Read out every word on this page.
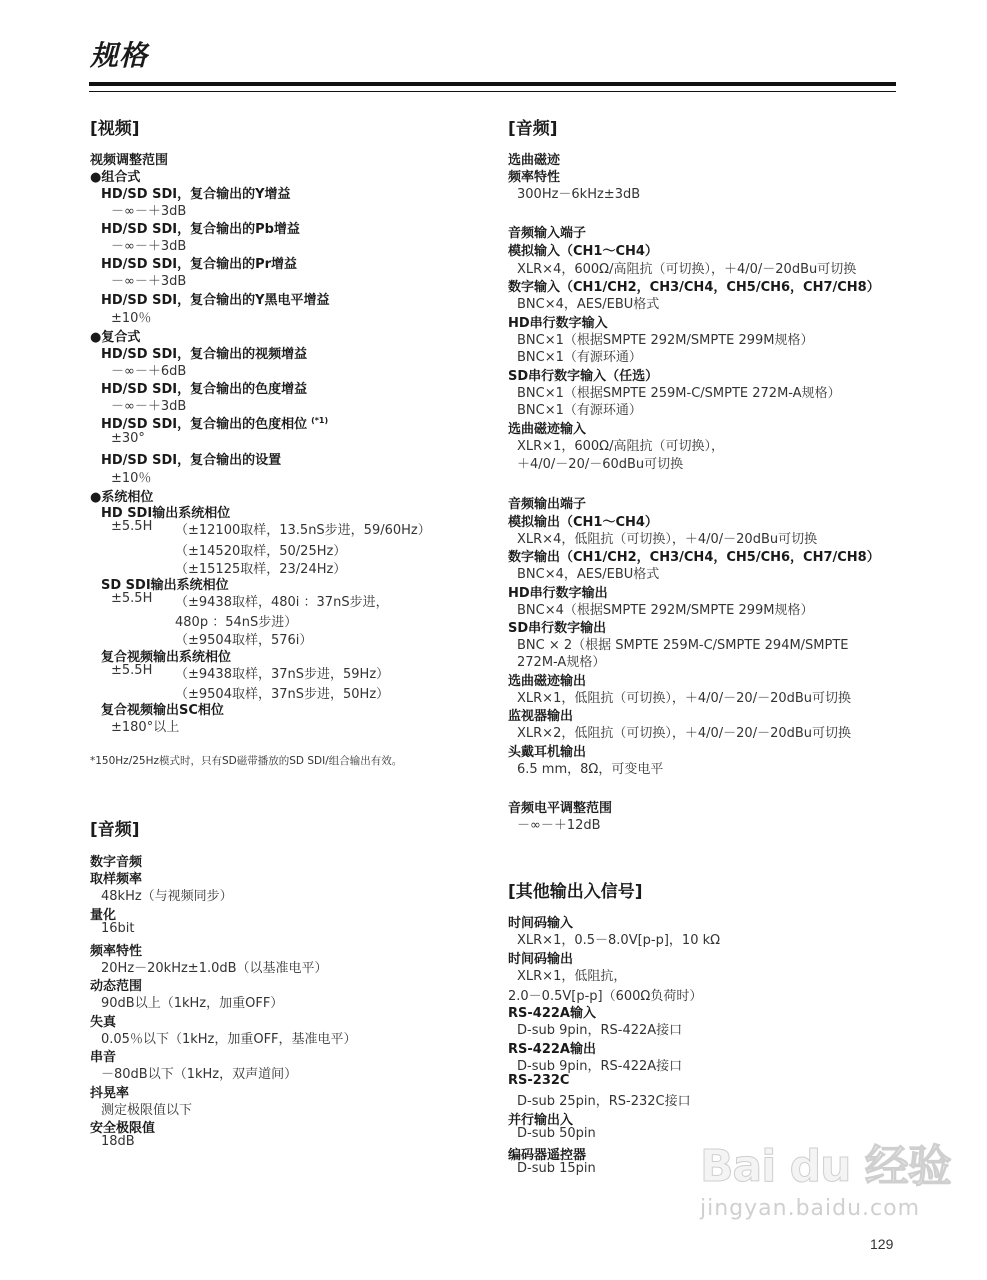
规格
[视频]
视频调整范围
●组合式
HD/SD SDI，复合输出的Y增益
－∞－＋3dB
HD/SD SDI，复合输出的Pb增益
－∞－＋3dB
HD/SD SDI，复合输出的Pr增益
－∞－＋3dB
HD/SD SDI，复合输出的Y黑电平增益
±10％
●复合式
HD/SD SDI，复合输出的视频增益
－∞－＋6dB
HD/SD SDI，复合输出的色度增益
－∞－＋3dB
HD/SD SDI，复合输出的色度相位 $^{(*1)}$
±30°
HD/SD SDI，复合输出的设置
±10％
●系统相位
HD SDI输出系统相位
±5.5H （±12100取样，13.5nS步进，59/60Hz）
（±14520取样，50/25Hz）
（±15125取样，23/24Hz）
SD SDI输出系统相位
±5.5H （±9438取样，480i ：37nS步进，
480p ：54nS步进）
（±9504取样，576i）
复合视频输出系统相位
±5.5H （±9438取样，37nS步进，59Hz）
（±9504取样，37nS步进，50Hz）
复合视频输出SC相位
±180°以上
*150Hz/25Hz模式时，只有SD磁带播放的SD SDI/组合输出有效。
[音频]
数字音频
取样频率
48kHz（与视频同步）
量化
16bit
频率特性
20Hz－20kHz±1.0dB（以基准电平）
动态范围
90dB以上（1kHz，加重OFF）
失真
0.05％以下（1kHz，加重OFF，基准电平）
串音
－80dB以下（1kHz，双声道间）
抖晃率
测定极限值以下
安全极限值
18dB
[音频]
选曲磁迹
频率特性
300Hz－6kHz±3dB
音频输入端子
模拟输入（CH1～CH4）
XLR×4，600Ω/高阻抗（可切换），＋4/0/－20dBu可切换
数字输入（CH1/CH2，CH3/CH4，CH5/CH6，CH7/CH8）
BNC×4，AES/EBU格式
HD串行数字输入
BNC×1（根据SMPTE 292M/SMPTE 299M规格）
BNC×1（有源环通）
SD串行数字输入（任选）
BNC×1（根据SMPTE 259M-C/SMPTE 272M-A规格）
BNC×1（有源环通）
选曲磁迹输入
XLR×1，600Ω/高阻抗（可切换），
＋4/0/－20/－60dBu可切换
音频输出端子
模拟输出（CH1～CH4）
XLR×4，低阻抗（可切换），＋4/0/－20dBu可切换
数字输出（CH1/CH2，CH3/CH4，CH5/CH6，CH7/CH8）
BNC×4，AES/EBU格式
HD串行数字输出
BNC×4（根据SMPTE 292M/SMPTE 299M规格）
SD串行数字输出
BNC × 2（根据 SMPTE 259M-C/SMPTE 294M/SMPTE
272M-A规格）
选曲磁迹输出
XLR×1，低阻抗（可切换），＋4/0/－20/－20dBu可切换
监视器输出
XLR×2，低阻抗（可切换），＋4/0/－20/－20dBu可切换
头戴耳机输出
6.5 mm，8Ω，可变电平
音频电平调整范围
－∞－＋12dB
[其他输出入信号]
时间码输入
XLR×1，0.5－8.0V[p-p]，10 kΩ
时间码输出
XLR×1，低阻抗，
2.0－0.5V[p-p]（600Ω负荷时）
RS-422A输入
D-sub 9pin，RS-422A接口
RS-422A输出
D-sub 9pin，RS-422A接口
RS-232C
D-sub 25pin，RS-232C接口
并行输出入
D-sub 50pin
编码器遥控器
D-sub 15pin Bai du 经验
jingyan.baidu.com
129
